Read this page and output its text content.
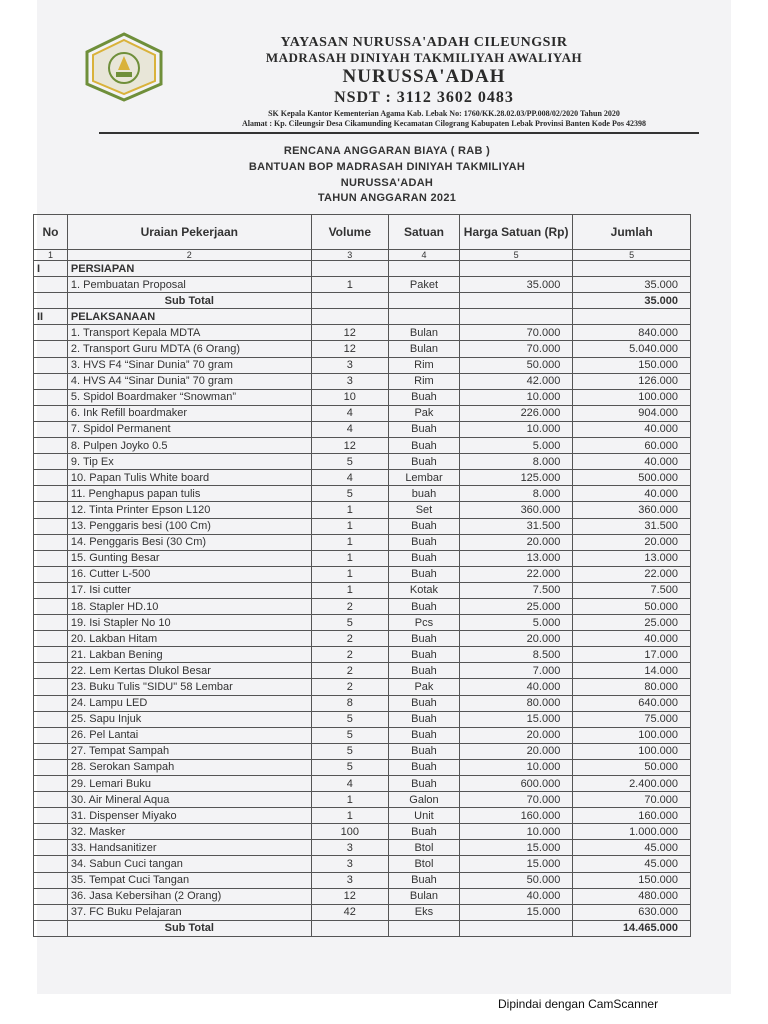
YAYASAN NURUSSA'ADAH CILEUNGSIR
MADRASAH DINIYAH TAKMILIYAH AWALIYAH
NURUSSA'ADAH
NSDT : 3112 3602 0483
SK Kepala Kantor Kementerian Agama Kab. Lebak No: 1760/KK.28.02.03/PP.008/02/2020 Tahun 2020
Alamat : Kp. Cileungsir Desa Cikamunding Kecamatan Cilograng Kabupaten Lebak Provinsi Banten Kode Pos 42398
RENCANA ANGGARAN BIAYA ( RAB )
BANTUAN BOP MADRASAH DINIYAH TAKMILIYAH
NURUSSA'ADAH
TAHUN ANGGARAN 2021
No	Uraian Pekerjaan	Volume	Satuan	Harga Satuan (Rp)	Jumlah
1	2	3	4	5	5
I	PERSIAPAN				
	1. Pembuatan Proposal	1	Paket	35.000	35.000
	Sub Total				35.000
II	PELAKSANAAN				
	1. Transport Kepala MDTA	12	Bulan	70.000	840.000
	2. Transport Guru MDTA (6 Orang)	12	Bulan	70.000	5.040.000
	3. HVS F4 “Sinar Dunia” 70 gram	3	Rim	50.000	150.000
	4. HVS A4 “Sinar Dunia” 70 gram	3	Rim	42.000	126.000
	5. Spidol Boardmaker “Snowman”	10	Buah	10.000	100.000
	6. Ink Refill boardmaker	4	Pak	226.000	904.000
	7. Spidol Permanent	4	Buah	10.000	40.000
	8. Pulpen Joyko 0.5	12	Buah	5.000	60.000
	9. Tip Ex	5	Buah	8.000	40.000
	10. Papan Tulis White board	4	Lembar	125.000	500.000
	11. Penghapus papan tulis	5	buah	8.000	40.000
	12. Tinta Printer Epson L120	1	Set	360.000	360.000
	13. Penggaris besi (100 Cm)	1	Buah	31.500	31.500
	14. Penggaris Besi (30 Cm)	1	Buah	20.000	20.000
	15. Gunting Besar	1	Buah	13.000	13.000
	16. Cutter L-500	1	Buah	22.000	22.000
	17. Isi cutter	1	Kotak	7.500	7.500
	18. Stapler HD.10	2	Buah	25.000	50.000
	19. Isi Stapler No 10	5	Pcs	5.000	25.000
	20. Lakban Hitam	2	Buah	20.000	40.000
	21. Lakban Bening	2	Buah	8.500	17.000
	22. Lem Kertas Dlukol Besar	2	Buah	7.000	14.000
	23. Buku Tulis "SIDU" 58 Lembar	2	Pak	40.000	80.000
	24. Lampu LED	8	Buah	80.000	640.000
	25. Sapu Injuk	5	Buah	15.000	75.000
	26. Pel Lantai	5	Buah	20.000	100.000
	27. Tempat Sampah	5	Buah	20.000	100.000
	28. Serokan Sampah	5	Buah	10.000	50.000
	29. Lemari Buku	4	Buah	600.000	2.400.000
	30. Air Mineral Aqua	1	Galon	70.000	70.000
	31. Dispenser Miyako	1	Unit	160.000	160.000
	32. Masker	100	Buah	10.000	1.000.000
	33. Handsanitizer	3	Btol	15.000	45.000
	34. Sabun Cuci tangan	3	Btol	15.000	45.000
	35. Tempat Cuci Tangan	3	Buah	50.000	150.000
	36. Jasa Kebersihan (2 Orang)	12	Bulan	40.000	480.000
	37. FC Buku Pelajaran	42	Eks	15.000	630.000
	Sub Total				14.465.000
Dipindai dengan CamScanner
